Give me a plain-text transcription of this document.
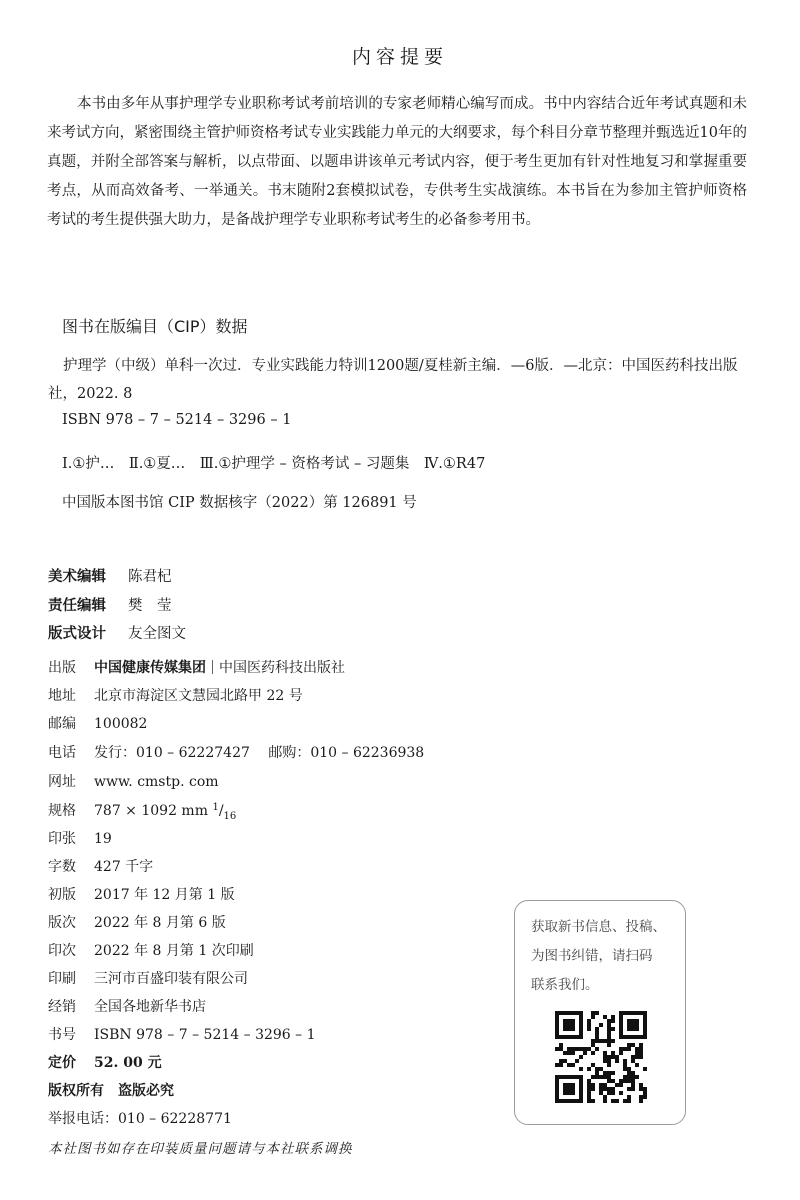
内容提要
本书由多年从事护理学专业职称考试考前培训的专家老师精心编写而成。书中内容结合近年考试真题和未来考试方向，紧密围绕主管护师资格考试专业实践能力单元的大纲要求，每个科目分章节整理并甄选近10年的真题，并附全部答案与解析，以点带面、以题串讲该单元考试内容，便于考生更加有针对性地复习和掌握重要考点，从而高效备考、一举通关。书末随附2套模拟试卷，专供考生实战演练。本书旨在为参加主管护师资格考试的考生提供强大助力，是备战护理学专业职称考试考生的必备参考用书。
图书在版编目（CIP）数据
护理学（中级）单科一次过．专业实践能力特训1200题/夏桂新主编．—6版．—北京：中国医药科技出版社，2022. 8
ISBN 978 – 7 – 5214 – 3296 – 1
Ⅰ.①护…　Ⅱ.①夏…　Ⅲ.①护理学 – 资格考试 – 习题集　Ⅳ.①R47
中国版本图书馆 CIP 数据核字（2022）第 126891 号
美术编辑 陈君杞
责任编辑 樊　莹
版式设计 友全图文
出版 中国健康传媒集团 中国医药科技出版社
地址 北京市海淀区文慧园北路甲 22 号
邮编 100082
电话 发行：010 – 62227427　 邮购：010 – 62236938
网址 www. cmstp. com
规格 787 × 1092 mm $^1/_{16}$
印张 19
字数 427 千字
初版 2017 年 12 月第 1 版
版次 2022 年 8 月第 6 版
印次 2022 年 8 月第 1 次印刷
印刷 三河市百盛印装有限公司
经销 全国各地新华书店
书号 ISBN 978 – 7 – 5214 – 3296 – 1
定价 52. 00 元
版权所有　盗版必究
举报电话：010 – 62228771
本社图书如存在印装质量问题请与本社联系调换
获取新书信息、投稿、
为图书纠错，请扫码
联系我们。
